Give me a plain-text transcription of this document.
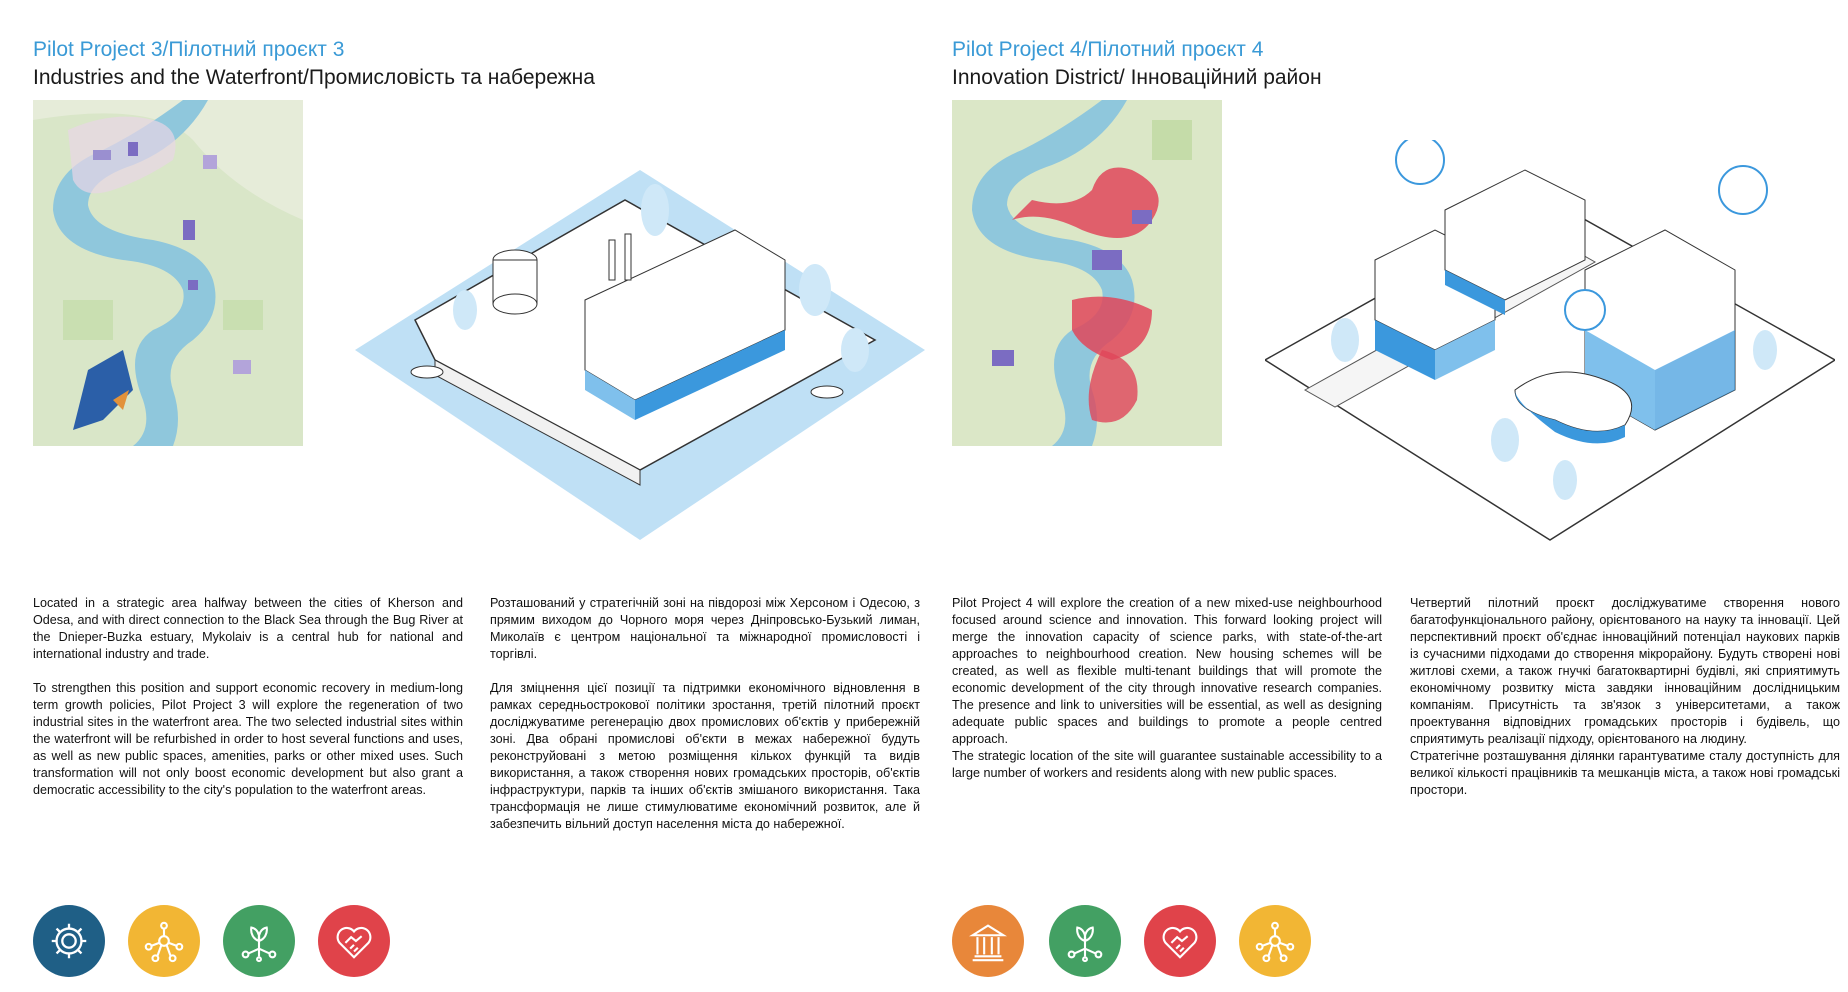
Pilot Project 3/Пілотний проєкт 3
Industries and the Waterfront/Промисловість та набережна

Located in a strategic area halfway between the cities of Kherson and Odesa, and with direct connection to the Black Sea through the Bug River at the Dnieper-Buzka estuary, Mykolaiv is a central hub for national and international industry and trade.

To strengthen this position and support economic recovery in medium-long term growth policies, Pilot Project 3 will explore the regeneration of two industrial sites in the waterfront area. The two selected industrial sites within the waterfront will be refurbished in order to host several functions and uses, as well as new public spaces, amenities, parks or other mixed uses. Such transformation will not only boost economic development but also grant a democratic accessibility to the city's population to the waterfront areas.

Розташований у стратегічній зоні на півдорозі між Херсоном і Одесою, з прямим виходом до Чорного моря через Дніпровсько-Бузький лиман, Миколаїв є центром національної та міжнародної промисловості і торгівлі.

Для зміцнення цієї позиції та підтримки економічного відновлення в рамках середньострокової політики зростання, третій пілотний проєкт досліджуватиме регенерацію двох промислових об'єктів у прибережній зоні. Два обрані промислові об'єкти в межах набережної будуть реконструйовані з метою розміщення кількох функцій та видів використання, а також створення нових громадських просторів, об'єктів інфраструктури, парків та інших об'єктів змішаного використання. Така трансформація не лише стимулюватиме економічний розвиток, але й забезпечить вільний доступ населення міста до набережної.

Pilot Project 4/Пілотний проєкт 4
Innovation District/ Інноваційний район

Pilot Project 4 will explore the creation of a new mixed-use neighbourhood focused around science and innovation. This forward looking project will merge the innovation capacity of science parks, with state-of-the-art approaches to neighbourhood creation. New housing schemes will be created, as well as flexible multi-tenant buildings that will promote the economic development of the city through innovative research companies. The presence and link to universities will be essential, as well as designing adequate public spaces and buildings to promote a people centred approach.

The strategic location of the site will guarantee sustainable accessibility to a large number of workers and residents along with new public spaces.

Четвертий пілотний проєкт досліджуватиме створення нового багатофункціонального району, орієнтованого на науку та інновації. Цей перспективний проєкт об'єднає інноваційний потенціал наукових парків із сучасними підходами до створення мікрорайону. Будуть створені нові житлові схеми, а також гнучкі багатоквартирні будівлі, які сприятимуть економічному розвитку міста завдяки інноваційним дослідницьким компаніям. Присутність та зв'язок з університетами, а також проектування відповідних громадських просторів і будівель, що сприятимуть реалізації підходу, орієнтованого на людину.

Стратегічне розташування ділянки гарантуватиме сталу доступність для великої кількості працівників та мешканців міста, а також нові громадські простори.
